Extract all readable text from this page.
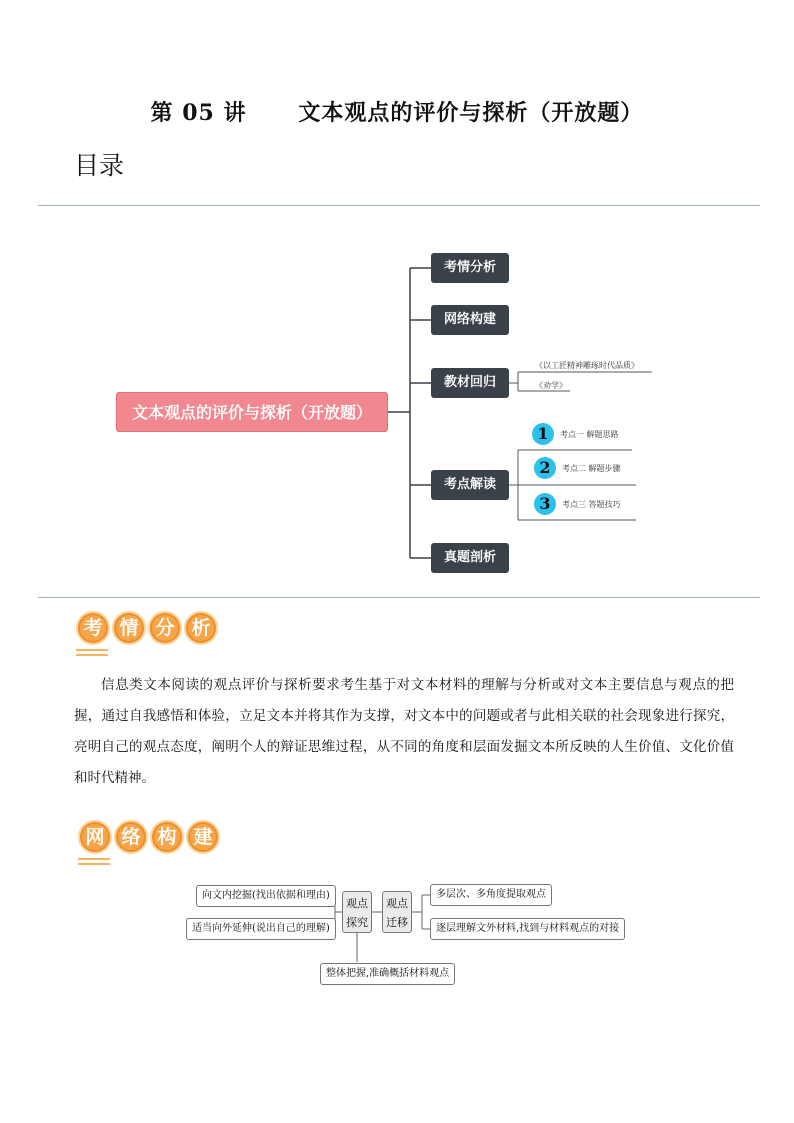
第 05 讲      文本观点的评价与探析（开放题）
目录
文本观点的评价与探析（开放题）
考情分析
网络构建
教材回归
考点解读
真题剖析
《以工匠精神雕琢时代品质》
《劝学》
1	考点一 解题思路
2	考点二 解题步骤
3	考点三 答题技巧
考 情 分 析
信息类文本阅读的观点评价与探析要求考生基于对文本材料的理解与分析或对文本主要信息与观点的把握，通过自我感悟和体验，立足文本并将其作为支撑，对文本中的问题或者与此相关联的社会现象进行探究，亮明自己的观点态度，阐明个人的辩证思维过程，从不同的角度和层面发掘文本所反映的人生价值、文化价值和时代精神。
网 络 构 建
向文内挖掘(找出依据和理由)
适当向外延伸(说出自己的理解)
观点
探究
观点
迁移
多层次、多角度提取观点
逐层理解文外材料,找到与材料观点的对接
整体把握,准确概括材料观点
